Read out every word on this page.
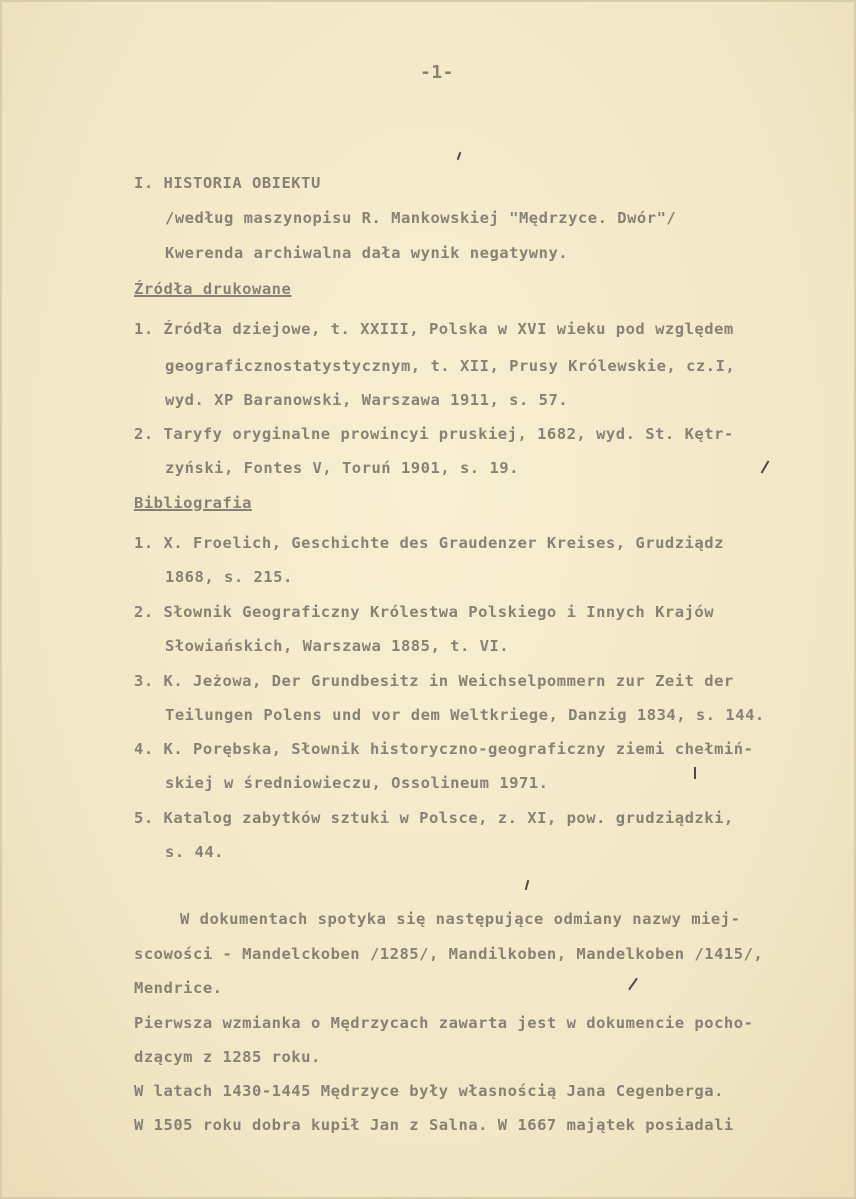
-1-
I. HISTORIA OBIEKTU
/według maszynopisu R. Mankowskiej "Mędrzyce. Dwór"/
Kwerenda archiwalna dała wynik negatywny.
Źródła drukowane
1. Źródła dziejowe, t. XXIII, Polska w XVI wieku pod względem
geograficznostatystycznym, t. XII, Prusy Królewskie, cz.I,
wyd. XP Baranowski, Warszawa 1911, s. 57.
2. Taryfy oryginalne prowincyi pruskiej, 1682, wyd. St. Kętr-
zyński, Fontes V, Toruń 1901, s. 19.
Bibliografia
1. X. Froelich, Geschichte des Graudenzer Kreises, Grudziądz
1868, s. 215.
2. Słownik Geograficzny Królestwa Polskiego i Innych Krajów
Słowiańskich, Warszawa 1885, t. VI.
3. K. Jeżowa, Der Grundbesitz in Weichselpommern zur Zeit der
Teilungen Polens und vor dem Weltkriege, Danzig 1834, s. 144.
4. K. Porębska, Słownik historyczno-geograficzny ziemi chełmiń-
skiej w średniowieczu, Ossolineum 1971.
5. Katalog zabytków sztuki w Polsce, z. XI, pow. grudziądzki,
s. 44.
W dokumentach spotyka się następujące odmiany nazwy miej-
scowości - Mandelckoben /1285/, Mandilkoben, Mandelkoben /1415/,
Mendrice.
Pierwsza wzmianka o Mędrzycach zawarta jest w dokumencie pocho-
dzącym z 1285 roku.
W latach 1430-1445 Mędrzyce były własnością Jana Cegenberga.
W 1505 roku dobra kupił Jan z Salna. W 1667 majątek posiadali
